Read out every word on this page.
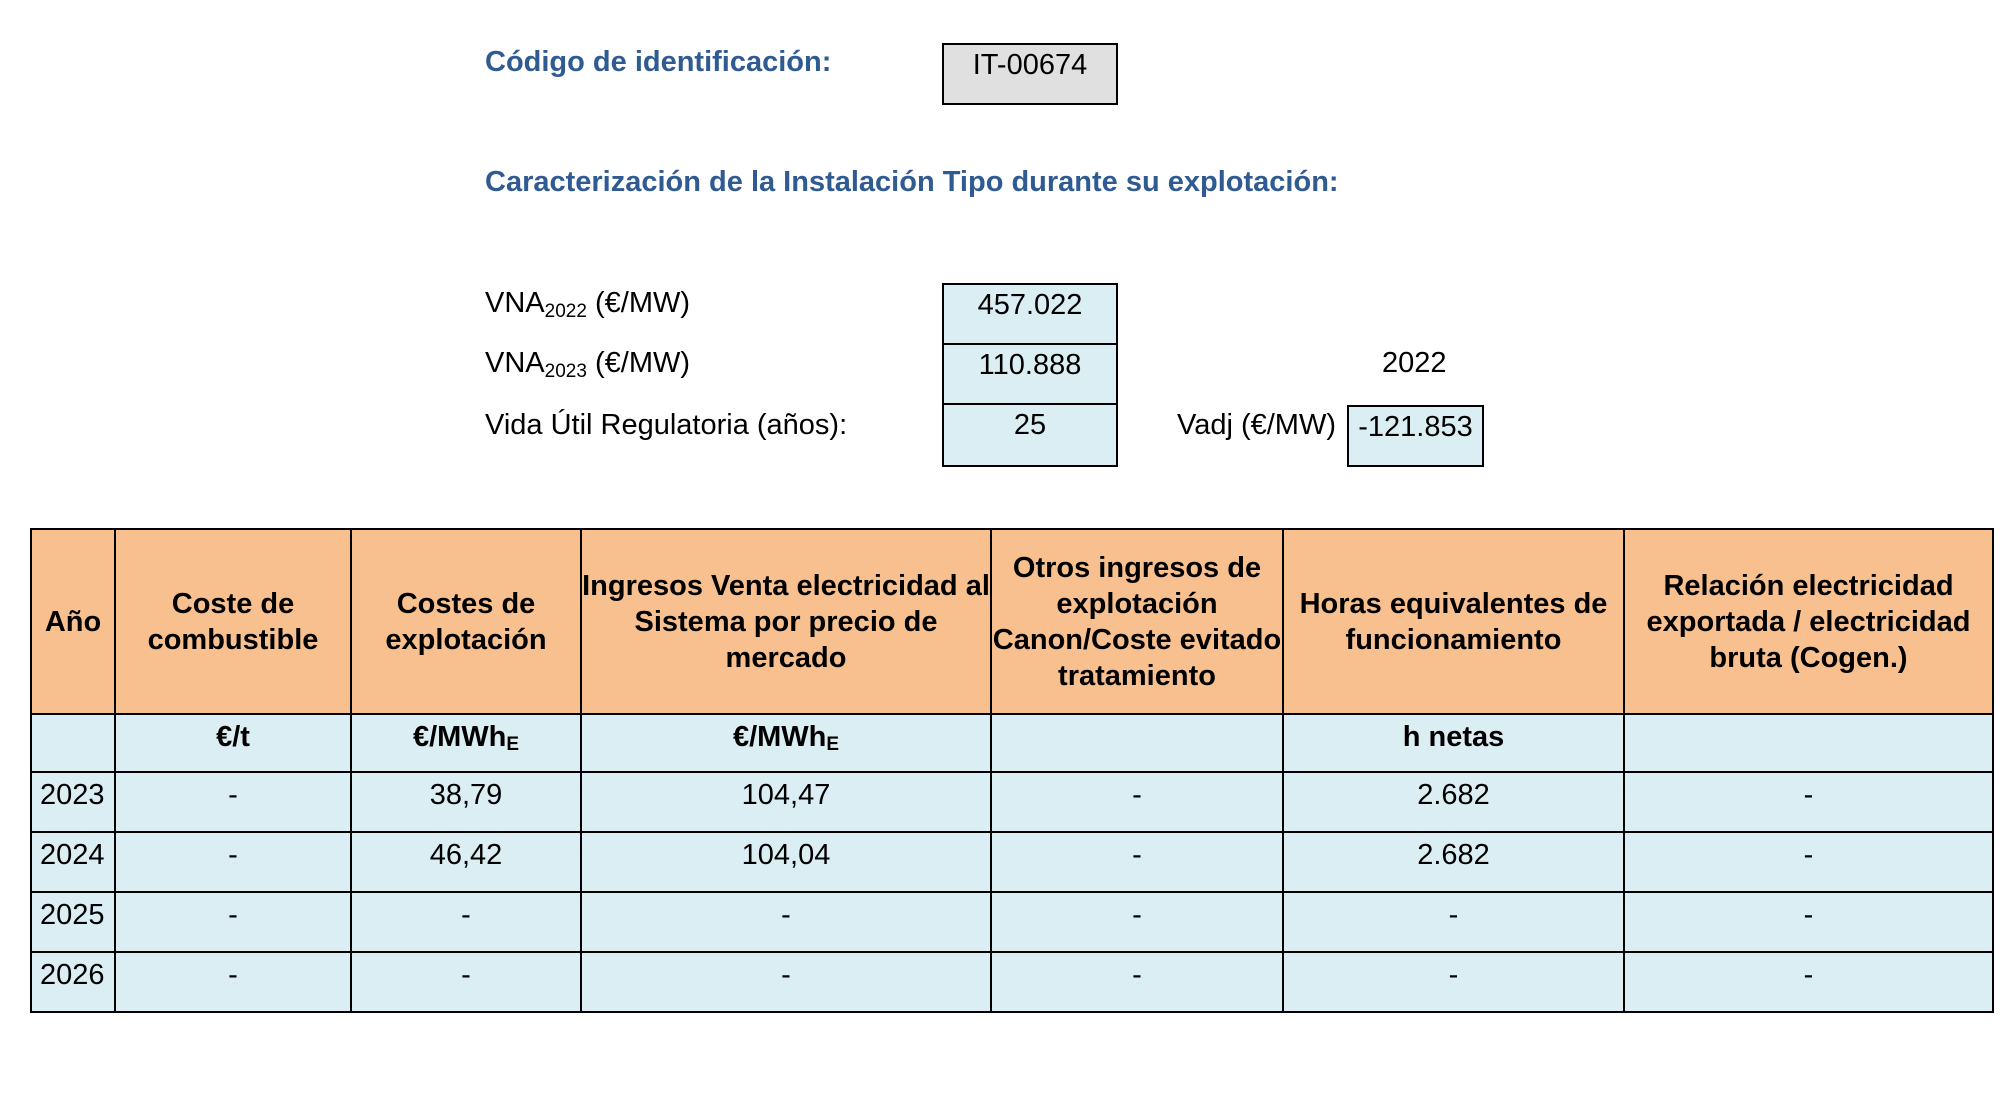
Código de identificación:	IT-00674
Caracterización de la Instalación Tipo durante su explotación:
$VNA_{2022}$ (€/MW)	457.022
$VNA_{2023}$ (€/MW)	110.888	2022
Vida Útil Regulatoria (años):	25	Vadj (€/MW) -121.853
Año	Coste de combustible	Costes de explotación	Ingresos Venta electricidad al Sistema por precio de mercado	Otros ingresos de explotación Canon/Coste evitado tratamiento	Horas equivalentes de funcionamiento	Relación electricidad exportada / electricidad bruta (Cogen.)
	€/t	€/MWhE	€/MWhE		h netas	
2023	-	38,79	104,47	-	2.682	-
2024	-	46,42	104,04	-	2.682	-
2025	-	-	-	-	-	-
2026	-	-	-	-	-	-
